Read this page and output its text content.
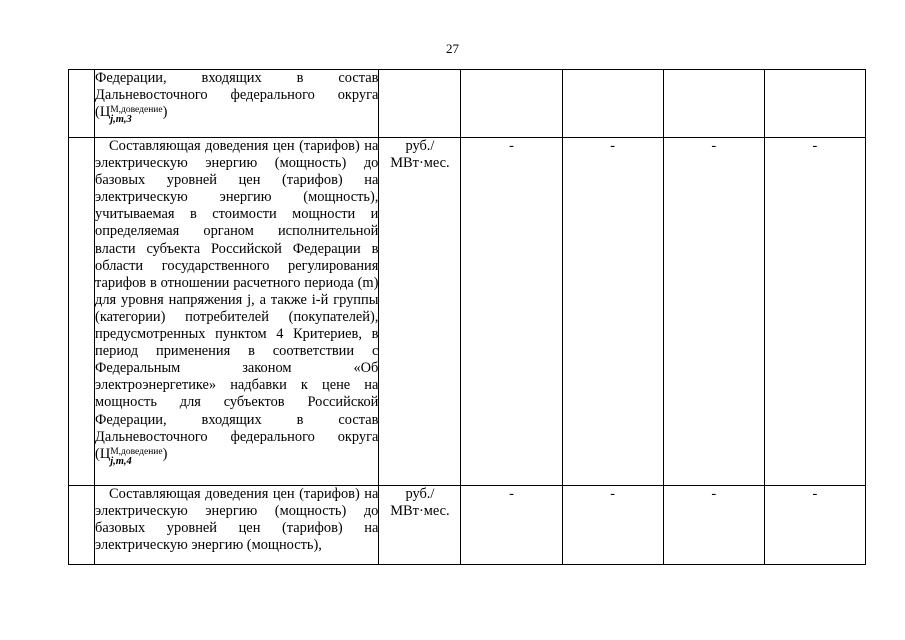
27
	Федерации, входящих в состав Дальневосточного федерального округа (Ц М,доведение
j,m,3 )					
	Составляющая доведения цен (тарифов) на электрическую энергию (мощность) до базовых уровней цен (тарифов) на электрическую энергию (мощность), учитываемая в стоимости мощности и определяемая органом исполнительной власти субъекта Российской Федерации в области государственного регулирования тарифов в отношении расчетного периода (m) для уровня напряжения j, а также i-й группы (категории) потребителей (покупателей), предусмотренных пунктом 4 Критериев, в период применения в соответствии с Федеральным законом «Об электроэнергетике» надбавки к цене на мощность для субъектов Российской Федерации, входящих в состав Дальневосточного федерального округа (Ц М,доведение
j,m,4 )	руб./ МВт·мес.	-	-	-	-
	Составляющая доведения цен (тарифов) на электрическую энергию (мощность) до базовых уровней цен (тарифов) на электрическую энергию (мощность),	руб./ МВт·мес.	-	-	-	-
